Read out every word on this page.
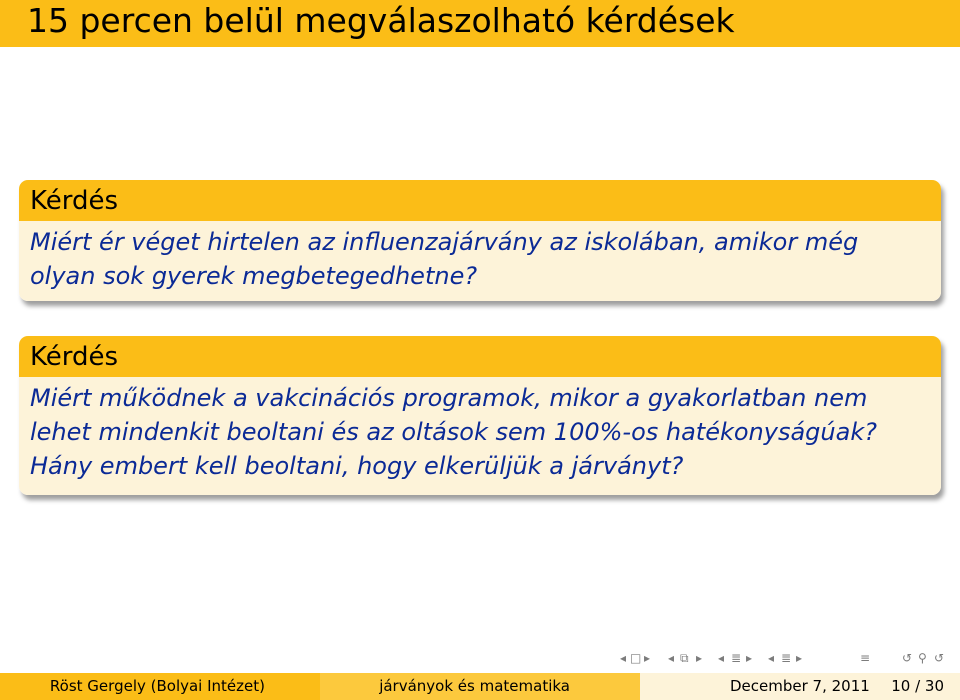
15 percen belül megválaszolható kérdések
Kérdés
Miért ér véget hirtelen az influenzajárvány az iskolában, amikor még
olyan sok gyerek megbetegedhetne?
Kérdés
Miért működnek a vakcinációs programok, mikor a gyakorlatban nem
lehet mindenkit beoltani és az oltások sem 100%-os hatékonyságúak?
Hány embert kell beoltani, hogy elkerüljük a járványt?
◂ □ ▸ ◂ ⧉ ▸ ◂ ≣ ▸ ◂ ≣ ▸	≡	↺ ⚲ ↺
Röst Gergely (Bolyai Intézet)	járványok és matematika	December 7, 2011 10 / 30
